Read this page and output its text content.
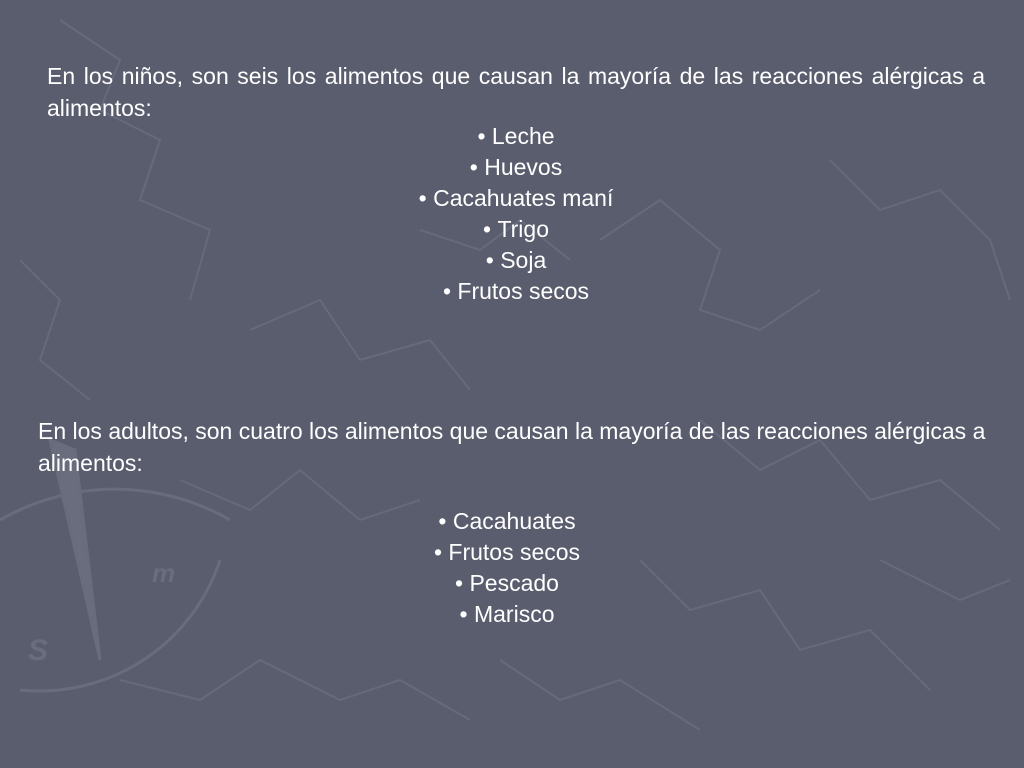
S
m

En los niños, son seis los alimentos que causan la mayoría de las reacciones alérgicas a alimentos:

• Leche
• Huevos
• Cacahuates maní
• Trigo
• Soja
• Frutos secos

En los adultos, son cuatro los alimentos que causan la mayoría de las reacciones alérgicas a alimentos:

• Cacahuates
• Frutos secos
• Pescado
• Marisco
